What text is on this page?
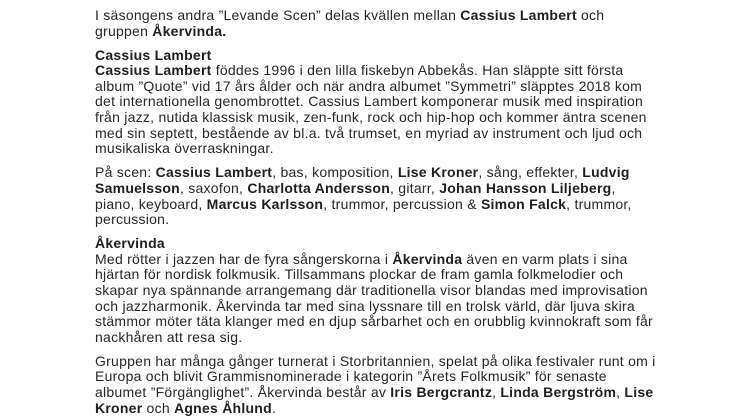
I säsongens andra ”Levande Scen” delas kvällen mellan Cassius Lambert och gruppen Åkervinda.

Cassius Lambert
Cassius Lambert föddes 1996 i den lilla fiskebyn Abbekås. Han släppte sitt första album ”Quote” vid 17 års ålder och när andra albumet ”Symmetri” släpptes 2018 kom det internationella genombrottet. Cassius Lambert komponerar musik med inspiration från jazz, nutida klassisk musik, zen-funk, rock och hip-hop och kommer äntra scenen med sin septett, bestående av bl.a. två trumset, en myriad av instrument och ljud och musikaliska överraskningar.

På scen: Cassius Lambert, bas, komposition, Lise Kroner, sång, effekter, Ludvig Samuelsson, saxofon, Charlotta Andersson, gitarr, Johan Hansson Liljeberg, piano, keyboard, Marcus Karlsson, trummor, percussion & Simon Falck, trummor, percussion.

Åkervinda
Med rötter i jazzen har de fyra sångerskorna i Åkervinda även en varm plats i sina hjärtan för nordisk folkmusik. Tillsammans plockar de fram gamla folkmelodier och skapar nya spännande arrangemang där traditionella visor blandas med improvisation och jazzharmonik. Åkervinda tar med sina lyssnare till en trolsk värld, där ljuva skira stämmor möter täta klanger med en djup sårbarhet och en orubblig kvinnokraft som får nackhåren att resa sig.

Gruppen har många gånger turnerat i Storbritannien, spelat på olika festivaler runt om i Europa och blivit Grammisnominerade i kategorin ”Årets Folkmusik” för senaste albumet ”Förgänglighet”. Åkervinda består av Iris Bergcrantz, Linda Bergström, Lise Kroner och Agnes Åhlund.
